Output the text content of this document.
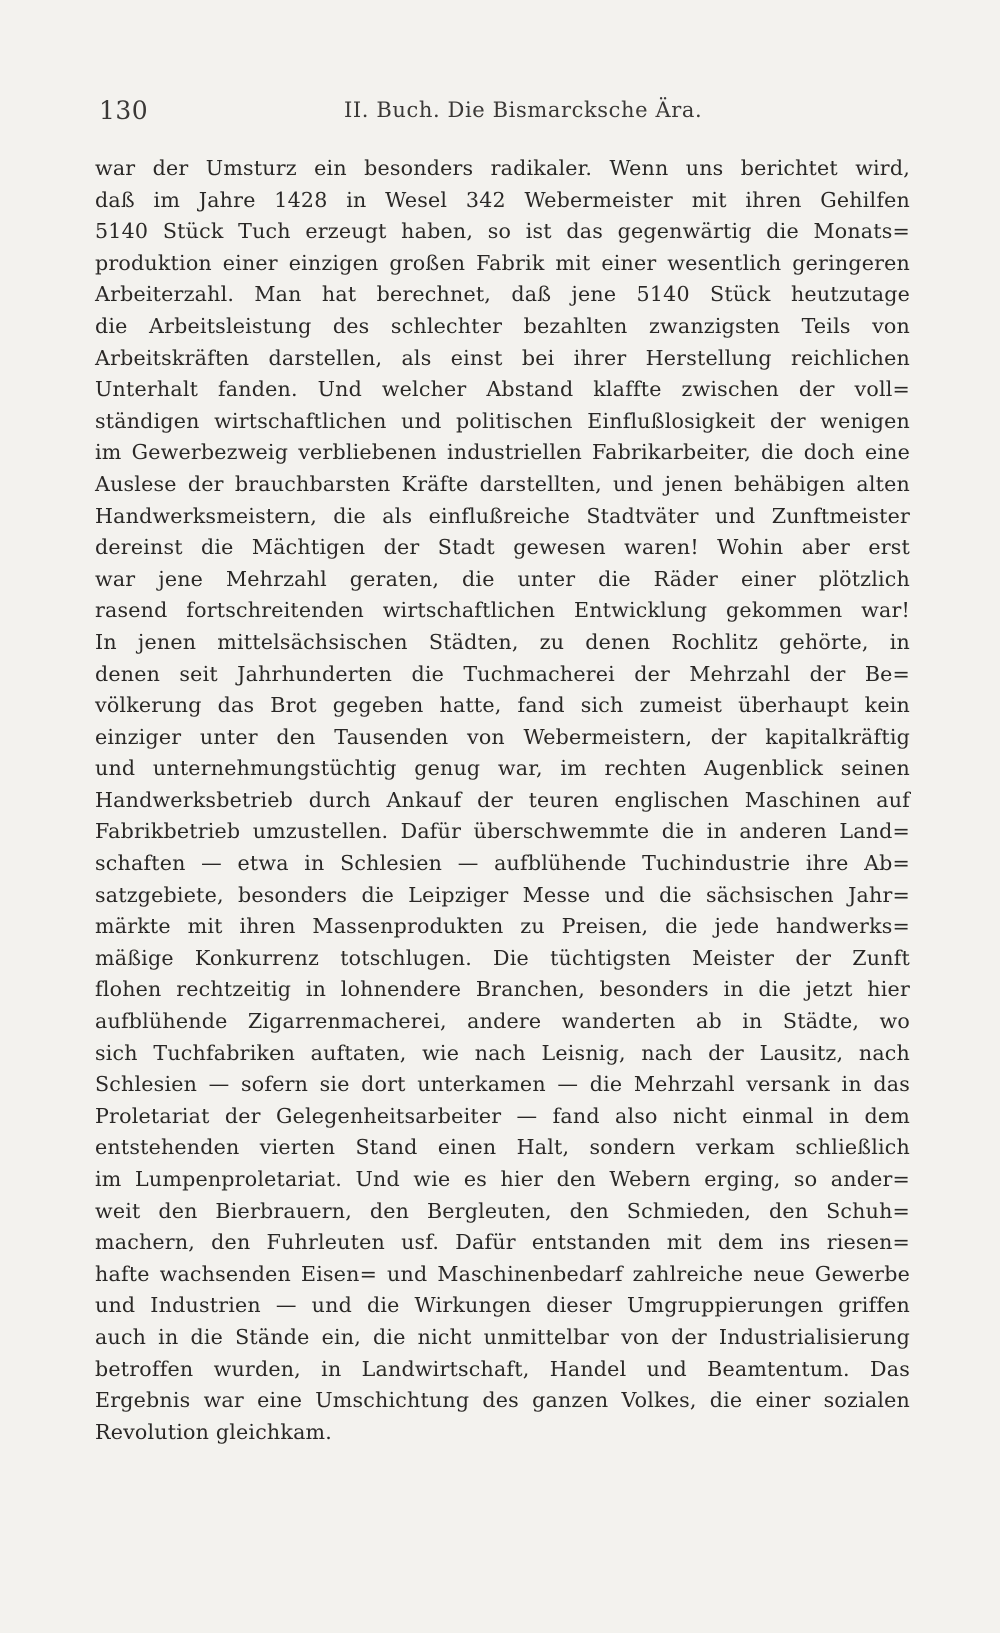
130	II. Buch. Die Bismarcksche Ära.
war der Umsturz ein besonders radikaler. Wenn uns berichtet wird,
daß im Jahre 1428 in Wesel 342 Webermeister mit ihren Gehilfen
5140 Stück Tuch erzeugt haben, so ist das gegenwärtig die Monats=
produktion einer einzigen großen Fabrik mit einer wesentlich geringeren
Arbeiterzahl. Man hat berechnet, daß jene 5140 Stück heutzutage
die Arbeitsleistung des schlechter bezahlten zwanzigsten Teils von
Arbeitskräften darstellen, als einst bei ihrer Herstellung reichlichen
Unterhalt fanden. Und welcher Abstand klaffte zwischen der voll=
ständigen wirtschaftlichen und politischen Einflußlosigkeit der wenigen
im Gewerbezweig verbliebenen industriellen Fabrikarbeiter, die doch eine
Auslese der brauchbarsten Kräfte darstellten, und jenen behäbigen alten
Handwerksmeistern, die als einflußreiche Stadtväter und Zunftmeister
dereinst die Mächtigen der Stadt gewesen waren! Wohin aber erst
war jene Mehrzahl geraten, die unter die Räder einer plötzlich
rasend fortschreitenden wirtschaftlichen Entwicklung gekommen war!
In jenen mittelsächsischen Städten, zu denen Rochlitz gehörte, in
denen seit Jahrhunderten die Tuchmacherei der Mehrzahl der Be=
völkerung das Brot gegeben hatte, fand sich zumeist überhaupt kein
einziger unter den Tausenden von Webermeistern, der kapitalkräftig
und unternehmungstüchtig genug war, im rechten Augenblick seinen
Handwerksbetrieb durch Ankauf der teuren englischen Maschinen auf
Fabrikbetrieb umzustellen. Dafür überschwemmte die in anderen Land=
schaften — etwa in Schlesien — aufblühende Tuchindustrie ihre Ab=
satzgebiete, besonders die Leipziger Messe und die sächsischen Jahr=
märkte mit ihren Massenprodukten zu Preisen, die jede handwerks=
mäßige Konkurrenz totschlugen. Die tüchtigsten Meister der Zunft
flohen rechtzeitig in lohnendere Branchen, besonders in die jetzt hier
aufblühende Zigarrenmacherei, andere wanderten ab in Städte, wo
sich Tuchfabriken auftaten, wie nach Leisnig, nach der Lausitz, nach
Schlesien — sofern sie dort unterkamen — die Mehrzahl versank in das
Proletariat der Gelegenheitsarbeiter — fand also nicht einmal in dem
entstehenden vierten Stand einen Halt, sondern verkam schließlich
im Lumpenproletariat. Und wie es hier den Webern erging, so ander=
weit den Bierbrauern, den Bergleuten, den Schmieden, den Schuh=
machern, den Fuhrleuten usf. Dafür entstanden mit dem ins riesen=
hafte wachsenden Eisen= und Maschinenbedarf zahlreiche neue Gewerbe
und Industrien — und die Wirkungen dieser Umgruppierungen griffen
auch in die Stände ein, die nicht unmittelbar von der Industrialisierung
betroffen wurden, in Landwirtschaft, Handel und Beamtentum. Das
Ergebnis war eine Umschichtung des ganzen Volkes, die einer sozialen
Revolution gleichkam.
